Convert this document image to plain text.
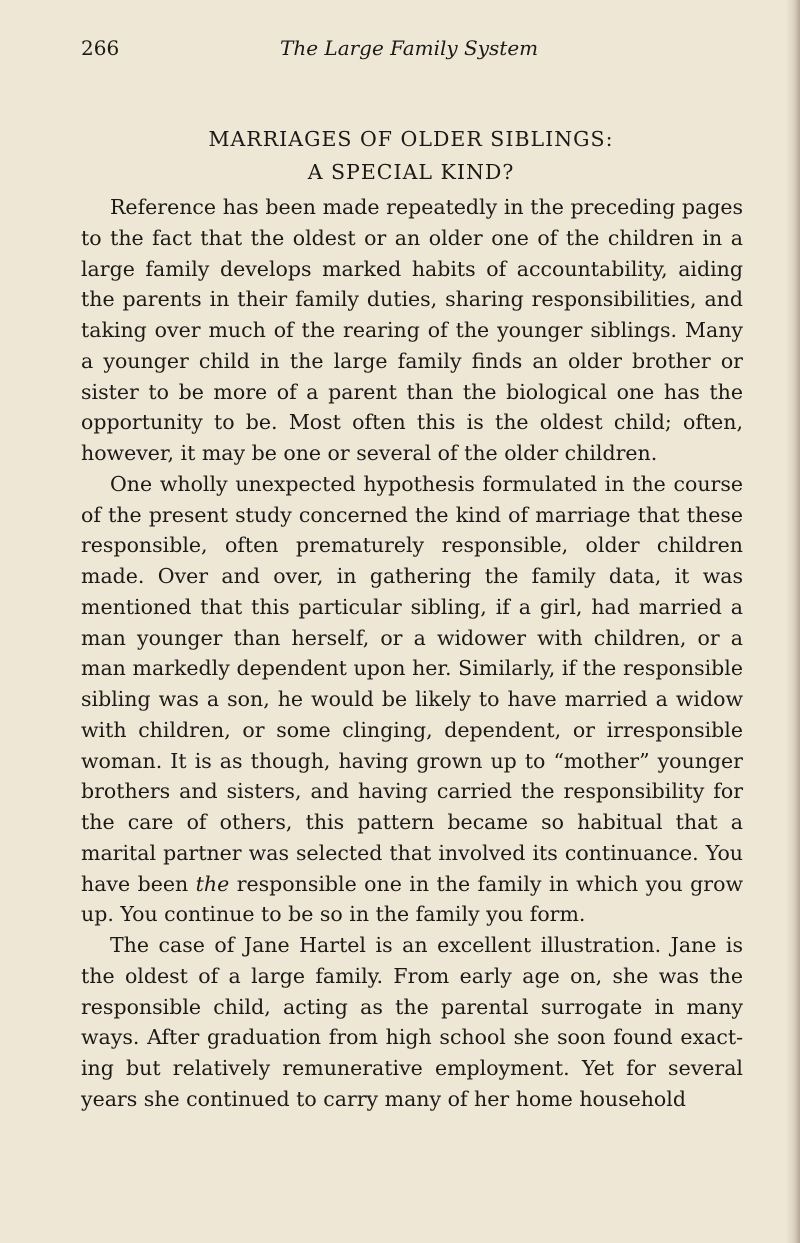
266	The Large Family System
MARRIAGES OF OLDER SIBLINGS:
A SPECIAL KIND?

Reference has been made repeatedly in the preceding pages to the fact that the oldest or an older one of the children in a large family develops marked habits of accountability, aiding the parents in their family duties, sharing responsibilities, and taking over much of the rearing of the younger siblings. Many a younger child in the large family finds an older brother or sister to be more of a parent than the biological one has the opportunity to be. Most often this is the oldest child; often, however, it may be one or several of the older children.

One wholly unexpected hypothesis formulated in the course of the present study concerned the kind of marriage that these responsible, often prematurely responsible, older children made. Over and over, in gathering the family data, it was mentioned that this particular sibling, if a girl, had married a man younger than herself, or a widower with children, or a man markedly dependent upon her. Similarly, if the responsible sibling was a son, he would be likely to have married a widow with children, or some clinging, dependent, or irresponsible woman. It is as though, having grown up to “mother” younger brothers and sisters, and having carried the responsibility for the care of others, this pattern became so habitual that a marital partner was selected that involved its continuance. You have been the responsible one in the family in which you grow up. You continue to be so in the family you form.

The case of Jane Hartel is an excellent illustration. Jane is the oldest of a large family. From early age on, she was the responsible child, acting as the parental surrogate in many ways. After graduation from high school she soon found exacting but relatively remunerative employment. Yet for several years she continued to carry many of her home household
